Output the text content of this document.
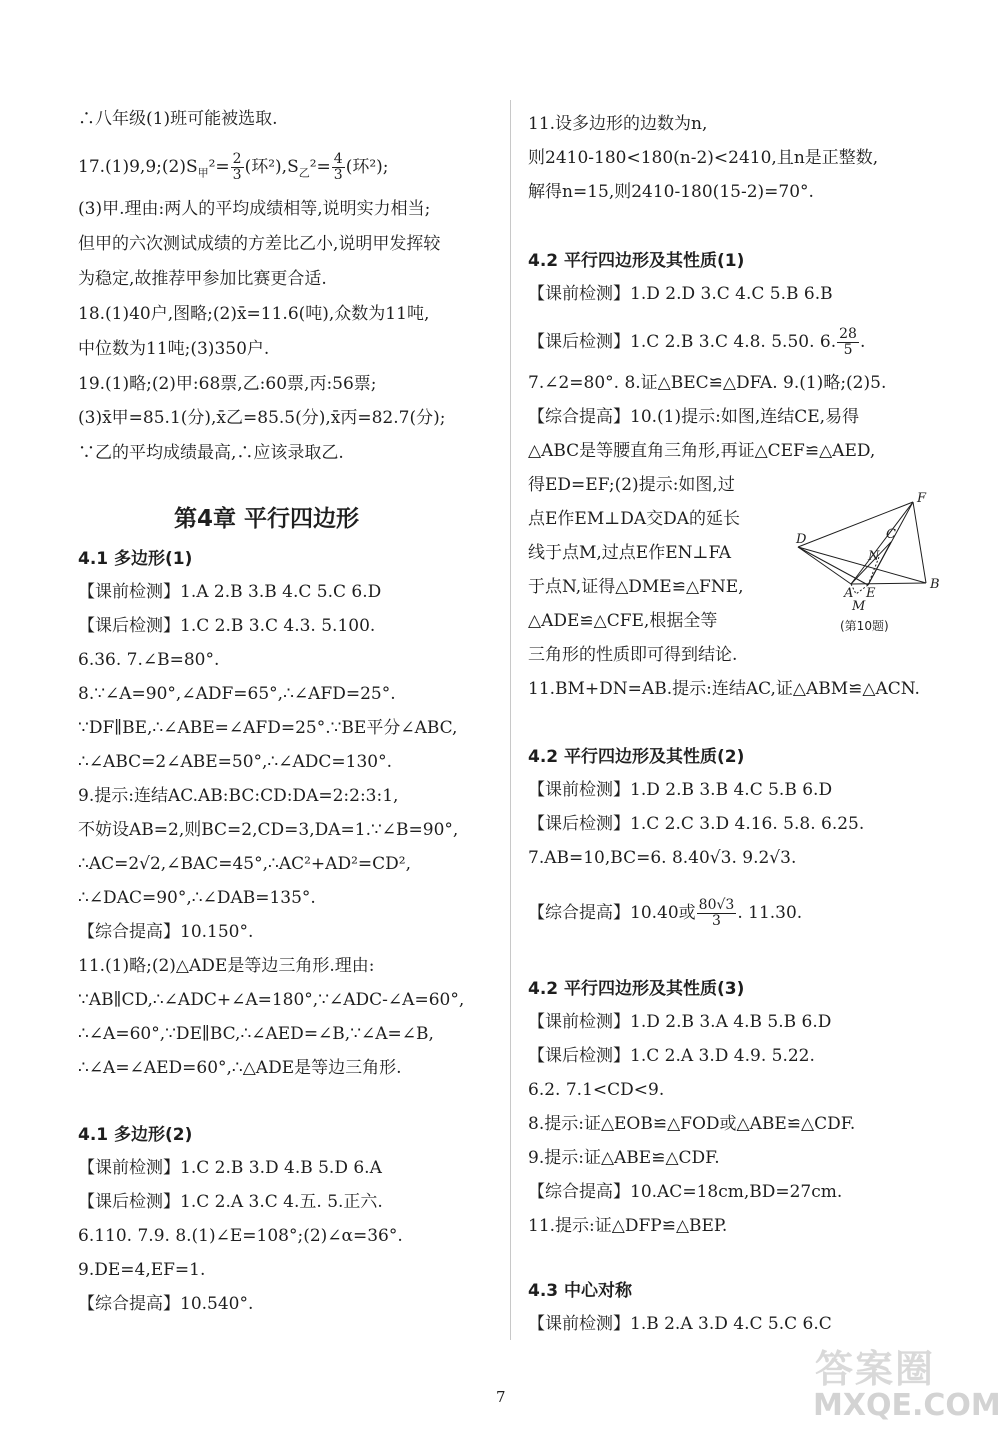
∴八年级(1)班可能被选取.
$17.(1)9,9;(2)S_甲^2= \frac{2}{3}$ (环$^2),S_乙^2= \frac{4}{3}$ (环²);
(3)甲.理由:两人的平均成绩相等,说明实力相当;
但甲的六次测试成绩的方差比乙小,说明甲发挥较
为稳定,故推荐甲参加比赛更合适.
18.(1)40户,图略;(2)x̄=11.6(吨),众数为11吨,
中位数为11吨;(3)350户.
19.(1)略;(2)甲:68票,乙:60票,丙:56票;
(3)x̄甲=85.1(分),x̄乙=85.5(分),x̄丙=82.7(分);
∵乙的平均成绩最高,∴应该录取乙.
第4章 平行四边形
4.1 多边形(1)
【课前检测】1.A 2.B 3.B 4.C 5.C 6.D
【课后检测】1.C 2.B 3.C 4.3. 5.100.
6.36. 7.∠B=80°.
8.∵∠A=90°,∠ADF=65°,∴∠AFD=25°.
∵DF∥BE,∴∠ABE=∠AFD=25°.∵BE平分∠ABC,
∴∠ABC=2∠ABE=50°,∴∠ADC=130°.
9.提示:连结AC.AB:BC:CD:DA=2:2:3:1,
不妨设AB=2,则BC=2,CD=3,DA=1.∵∠B=90°,
∴AC=2√2,∠BAC=45°,∴AC²+AD²=CD²,
∴∠DAC=90°,∴∠DAB=135°.
【综合提高】10.150°.
11.(1)略;(2)△ADE是等边三角形.理由:
∵AB∥CD,∴∠ADC+∠A=180°,∵∠ADC-∠A=60°,
∴∠A=60°,∵DE∥BC,∴∠AED=∠B,∵∠A=∠B,
∴∠A=∠AED=60°,∴△ADE是等边三角形.
4.1 多边形(2)
【课前检测】1.C 2.B 3.D 4.B 5.D 6.A
【课后检测】1.C 2.A 3.C 4.五. 5.正六.
6.110. 7.9. 8.(1)∠E=108°;(2)∠α=36°.
9.DE=4,EF=1.
【综合提高】10.540°.
11.设多边形的边数为n,
则2410-180<180(n-2)<2410,且n是正整数,
解得n=15,则2410-180(15-2)=70°.
4.2 平行四边形及其性质(1)
【课前检测】1.D 2.D 3.C 4.C 5.B 6.B
【课后检测】1.C 2.B 3.C 4.8. 5.50. 6. $\frac{28}{5}$ .
7.∠2=80°. 8.证△BEC≌△DFA. 9.(1)略;(2)5.
【综合提高】10.(1)提示:如图,连结CE,易得
△ABC是等腰直角三角形,再证△CEF≌△AED,
得ED=EF;(2)提示:如图,过
点E作EM⊥DA交DA的延长
线于点M,过点E作EN⊥FA
于点N,证得△DME≌△FNE,
△ADE≌△CFE,根据全等
三角形的性质即可得到结论.
11.BM+DN=AB.提示:连结AC,证△ABM≌△ACN.
F
D	C
N
A E
B
M
(第10题)
4.2 平行四边形及其性质(2)
【课前检测】1.D 2.B 3.B 4.C 5.B 6.D
【课后检测】1.C 2.C 3.D 4.16. 5.8. 6.25.
7.AB=10,BC=6. 8.40√3. 9.2√3.
【综合提高】10.40或 $\frac{80√3}{3}$ . 11.30.
4.2 平行四边形及其性质(3)
【课前检测】1.D 2.B 3.A 4.B 5.B 6.D
【课后检测】1.C 2.A 3.D 4.9. 5.22.
6.2. 7.1<CD<9.
8.提示:证△EOB≌△FOD或△ABE≌△CDF.
9.提示:证△ABE≌△CDF.
【综合提高】10.AC=18cm,BD=27cm.
11.提示:证△DFP≌△BEP.
4.3 中心对称
【课前检测】1.B 2.A 3.D 4.C 5.C 6.C
7
答案圈
MXQE.COM
